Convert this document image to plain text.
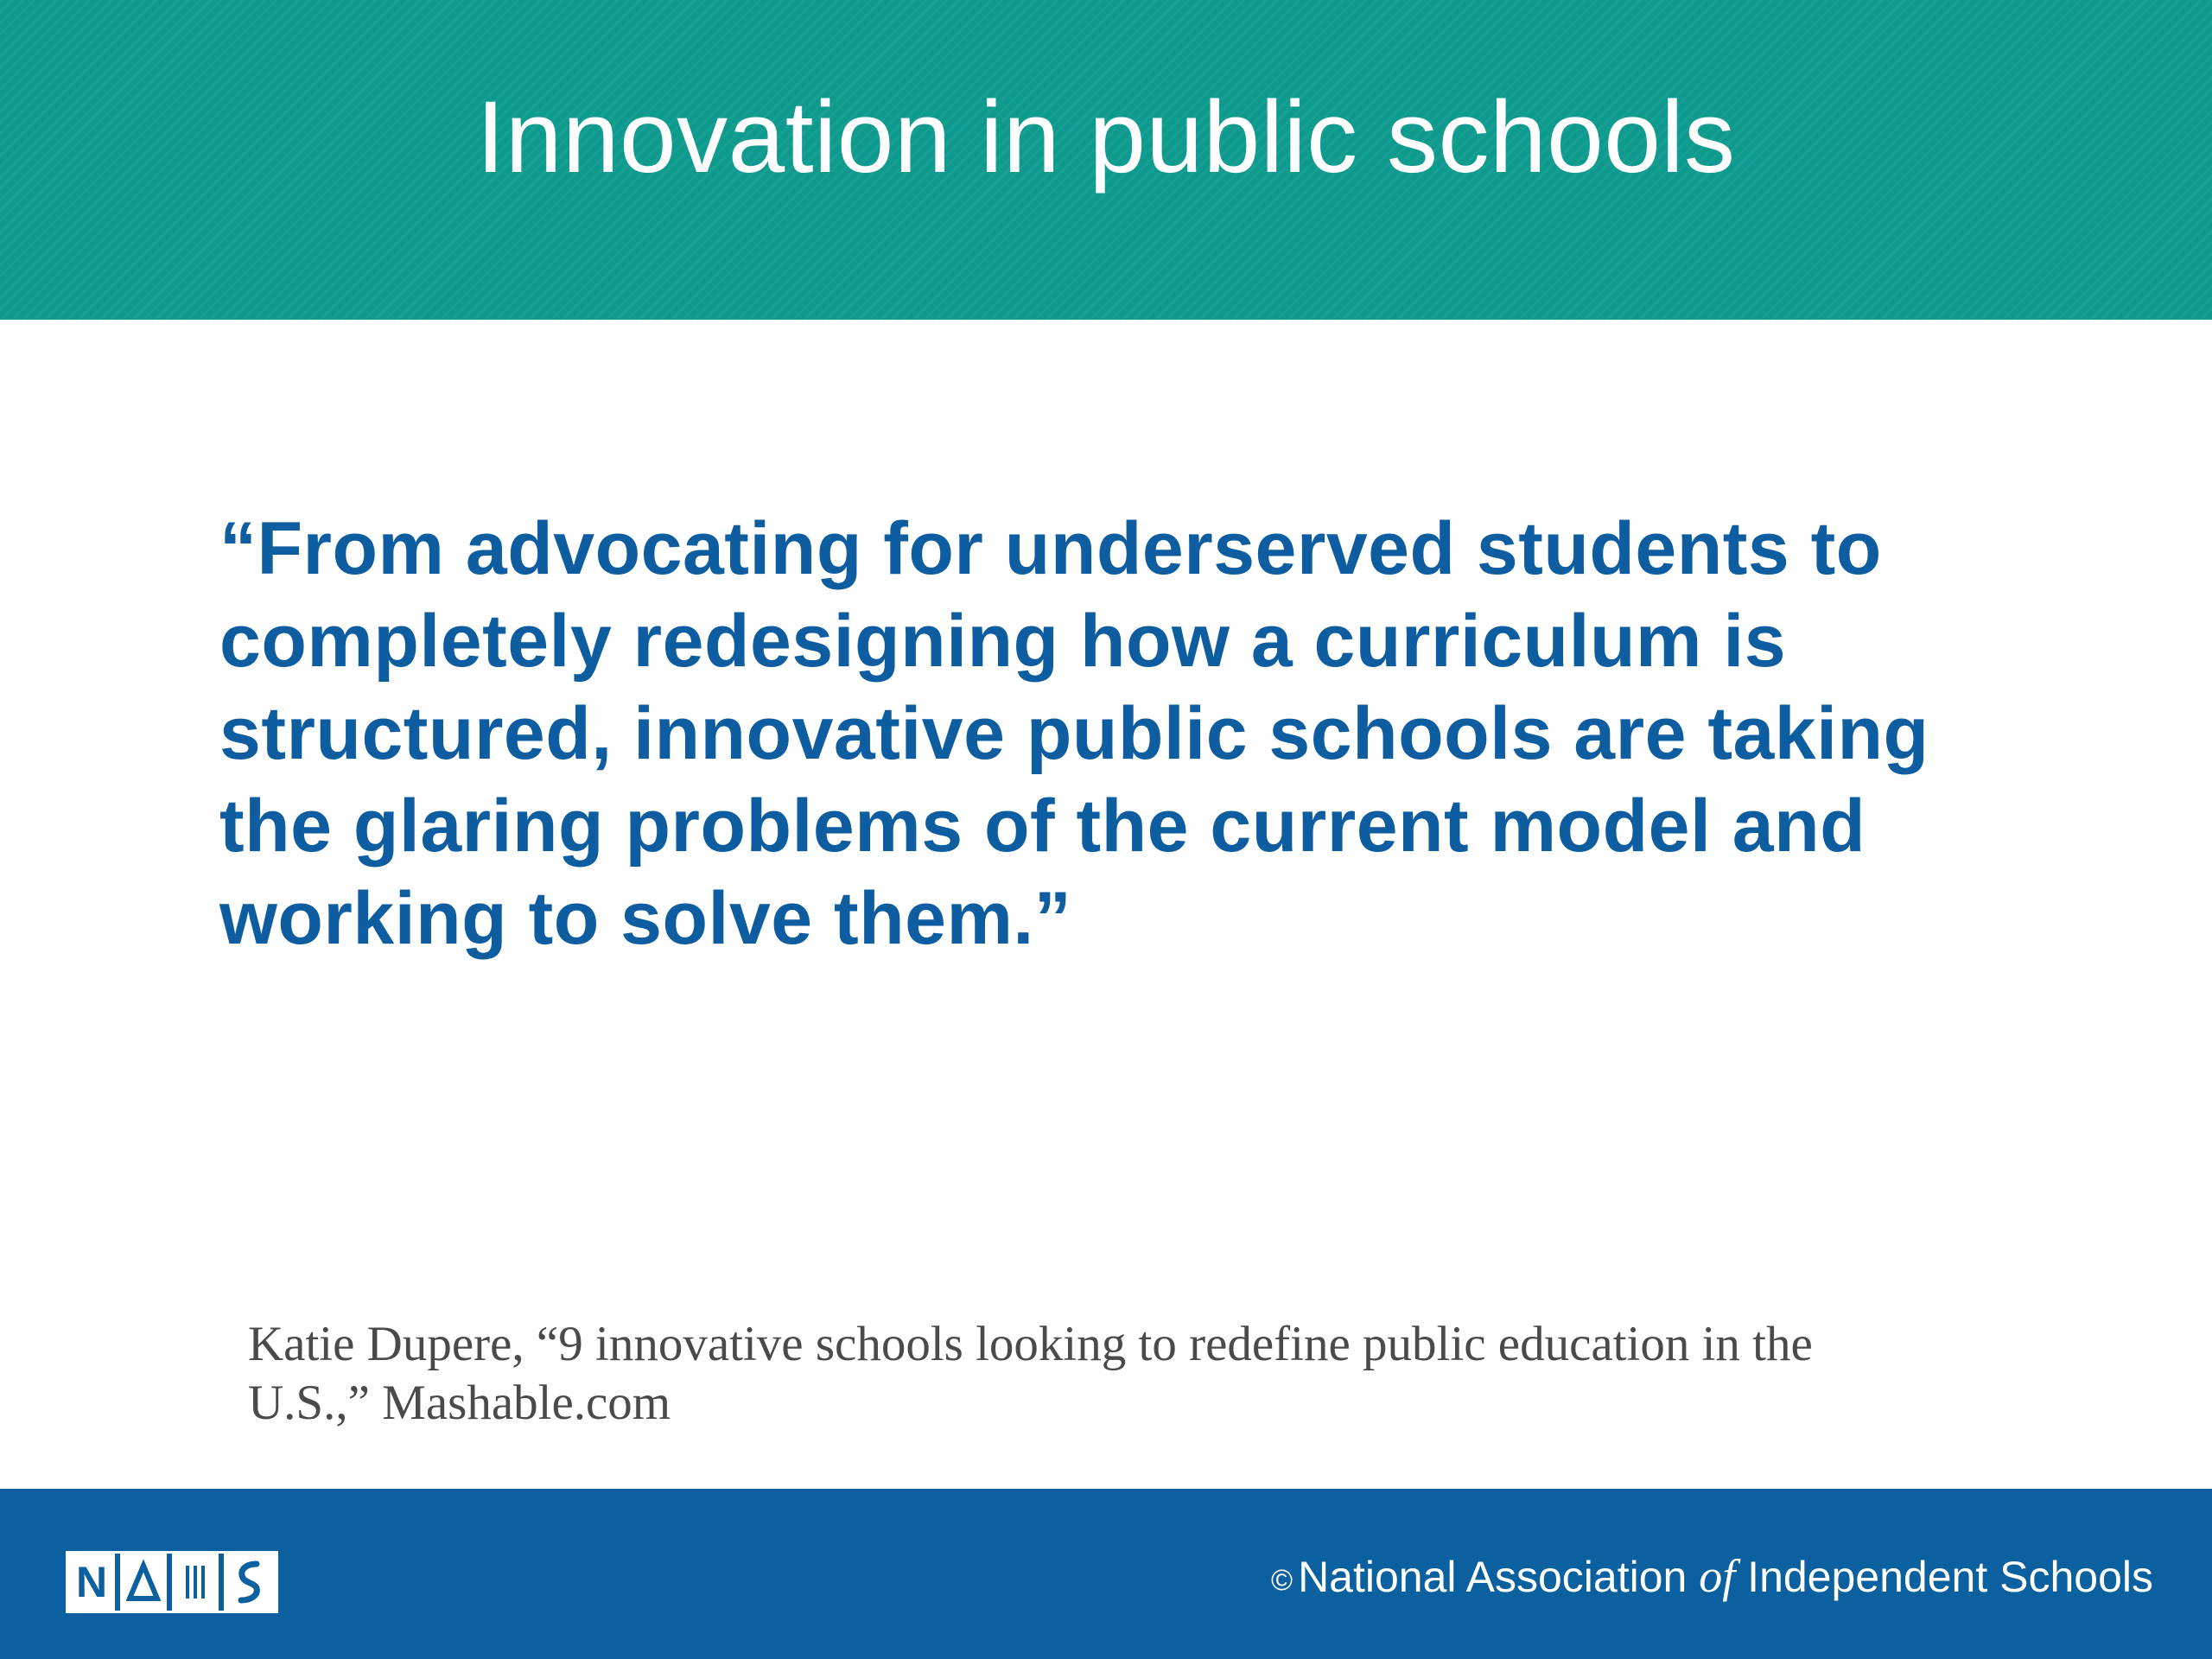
Innovation in public schools

“From advocating for underserved students to completely redesigning how a curriculum is structured, innovative public schools are taking the glaring problems of the current model and working to solve them.”

Katie Dupere, “9 innovative schools looking to redefine public education in the
U.S.,” Mashable.com
N	© National Association of Independent Schools
